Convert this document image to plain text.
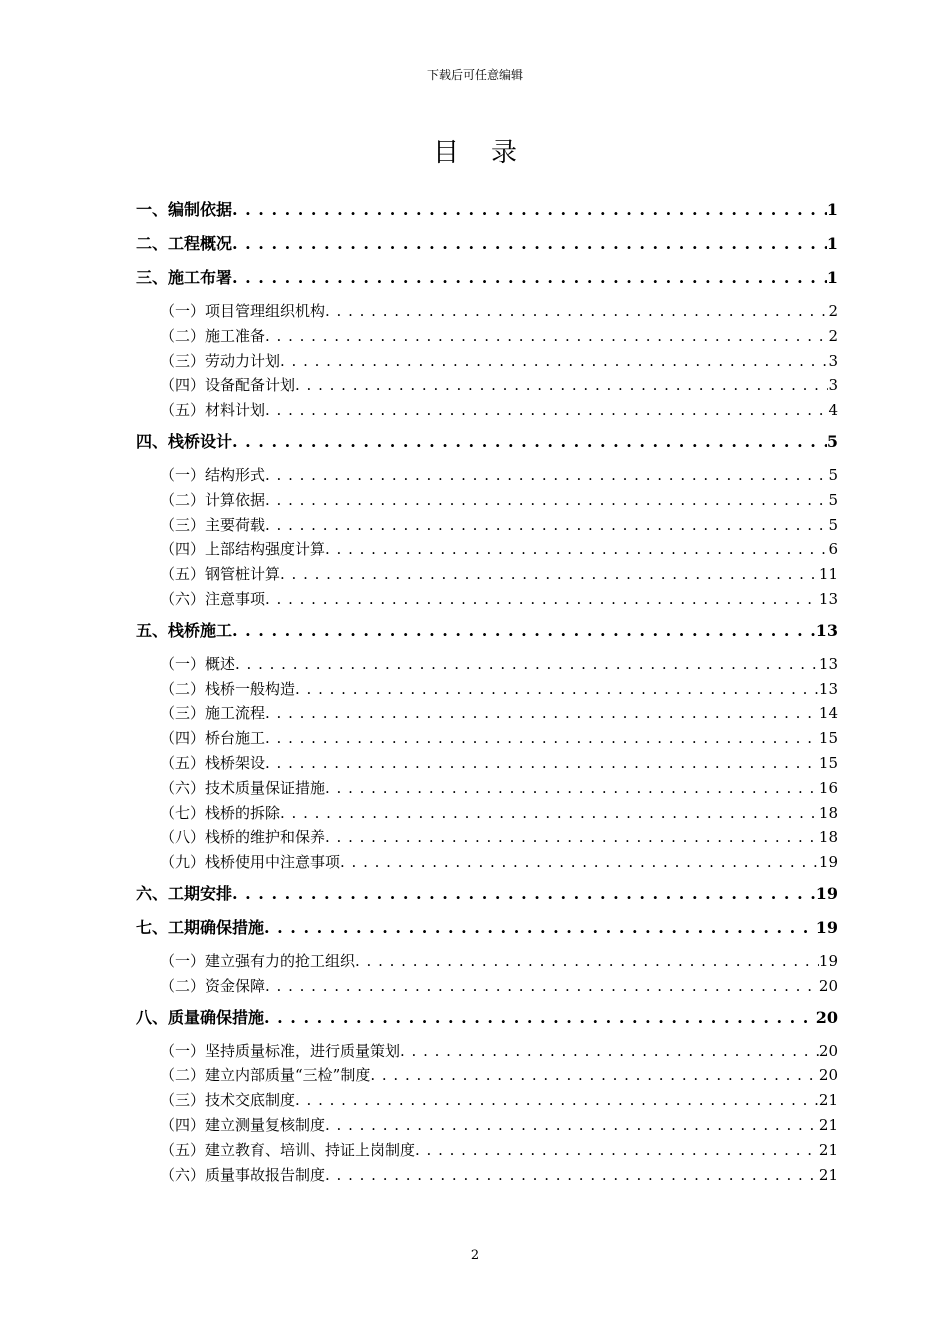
下载后可任意编辑
目 录
一、编制依据 . . .	1
二、工程概况 . . .	1
三、施工布署 . . .	1
（一）项目管理组织机构 . . .	2
（二）施工准备 . . .	2
（三）劳动力计划 . . .	3
（四）设备配备计划 . . .	3
（五）材料计划 . . .	4
四、栈桥设计 . . .	5
（一）结构形式 . . .	5
（二）计算依据 . . .	5
（三）主要荷载 . . .	5
（四）上部结构强度计算 . . .	6
（五）钢管桩计算 . . .	11
（六）注意事项 . . .	13
五、栈桥施工 . . .	13
（一）概述 . . .	13
（二）栈桥一般构造 . . .	13
（三）施工流程 . . .	14
（四）桥台施工 . . .	15
（五）栈桥架设 . . .	15
（六）技术质量保证措施 . . .	16
（七）栈桥的拆除 . . .	18
（八）栈桥的维护和保养 . . .	18
（九）栈桥使用中注意事项 . . .	19
六、工期安排 . . .	19
七、工期确保措施 . . .	19
（一）建立强有力的抢工组织 . . .	19
（二）资金保障 . . .	20
八、质量确保措施 . . .	20
（一）坚持质量标准，进行质量策划 . . .	20
（二）建立内部质量“三检”制度 . . .	20
（三）技术交底制度 . . .	21
（四）建立测量复核制度 . . .	21
（五）建立教育、培训、持证上岗制度 . . .	21
（六）质量事故报告制度 . . .	21
2
